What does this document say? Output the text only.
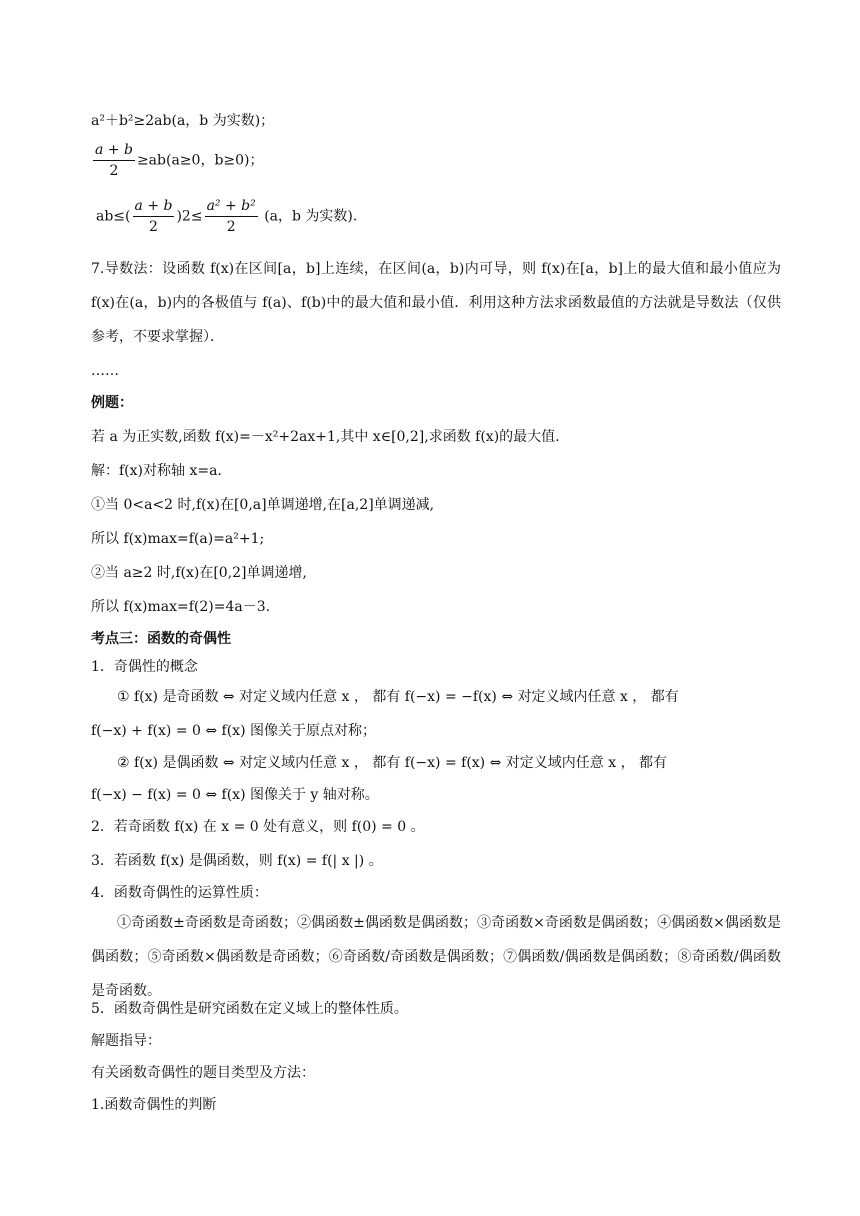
a²＋b²≥2ab(a，b 为实数)；
$\frac{a + b}{2} \ge ab(a\ge 0$，b≥0)；
$ab\le( \frac{a + b}{2} )2\le \frac{\text{a² + b²}}{2} (a$，b 为实数).
7.导数法：设函数 f(x)在区间[a，b]上连续，在区间(a，b)内可导，则 f(x)在[a，b]上的最大值和最小值应为 f(x)在(a，b)内的各极值与 f(a)、f(b)中的最大值和最小值．利用这种方法求函数最值的方法就是导数法（仅供参考，不要求掌握）．
……
例题：
若 a 为正实数,函数 f(x)=－x²+2ax+1,其中 x∈[0,2],求函数 f(x)的最大值.
解：f(x)对称轴 x=a.
①当 0<a<2 时,f(x)在[0,a]单调递增,在[a,2]单调递减,
所以 f(x)max=f(a)=a²+1;
②当 a≥2 时,f(x)在[0,2]单调递增,
所以 f(x)max=f(2)=4a－3.
考点三：函数的奇偶性
1．奇偶性的概念
① f(x) 是奇函数 ⇔ 对定义域内任意 x ， 都有 f(−x) = −f(x) ⇔ 对定义域内任意 x ， 都有
f(−x) + f(x) = 0 ⇔ f(x) 图像关于原点对称；
② f(x) 是偶函数 ⇔ 对定义域内任意 x ， 都有 f(−x) = f(x) ⇔ 对定义域内任意 x ， 都有
f(−x) − f(x) = 0 ⇔ f(x) 图像关于 y 轴对称。
2．若奇函数 f(x) 在 x = 0 处有意义，则 f(0) = 0 。
3．若函数 f(x) 是偶函数，则 f(x) = f(| x |) 。
4．函数奇偶性的运算性质：
①奇函数±奇函数是奇函数；②偶函数±偶函数是偶函数；③奇函数×奇函数是偶函数；④偶函数×偶函数是偶函数；⑤奇函数×偶函数是奇函数；⑥奇函数/奇函数是偶函数；⑦偶函数/偶函数是偶函数；⑧奇函数/偶函数是奇函数。
5．函数奇偶性是研究函数在定义域上的整体性质。
解题指导：
有关函数奇偶性的题目类型及方法：
1.函数奇偶性的判断
